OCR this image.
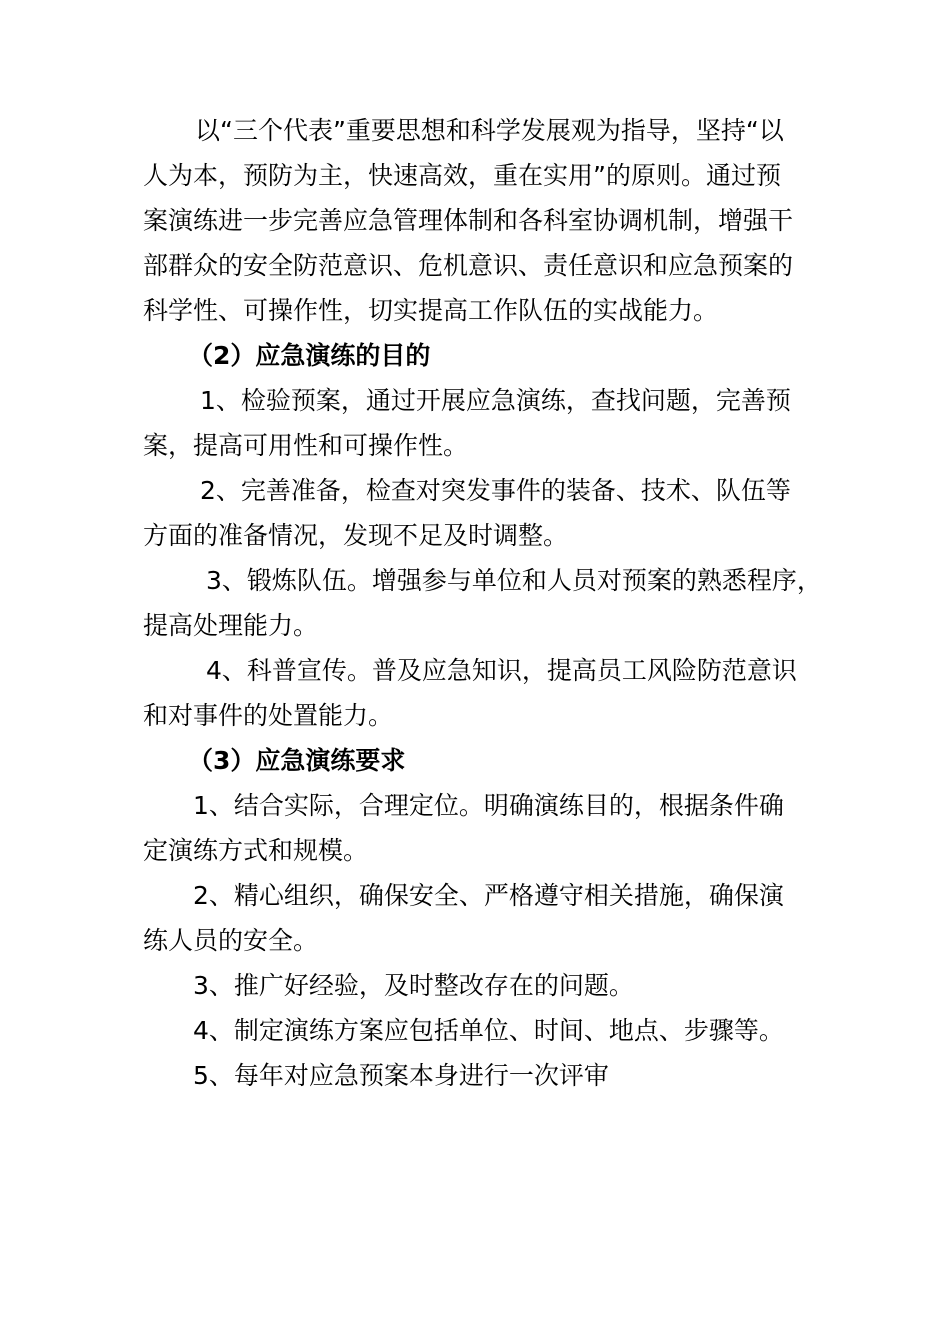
以“三个代表”重要思想和科学发展观为指导，坚持“以
人为本，预防为主，快速高效，重在实用”的原则。通过预
案演练进一步完善应急管理体制和各科室协调机制，增强干
部群众的安全防范意识、危机意识、责任意识和应急预案的
科学性、可操作性，切实提高工作队伍的实战能力。
（2）应急演练的目的
1、检验预案，通过开展应急演练，查找问题，完善预
案，提高可用性和可操作性。
2、完善准备，检查对突发事件的装备、技术、队伍等
方面的准备情况，发现不足及时调整。
3、锻炼队伍。增强参与单位和人员对预案的熟悉程序，
提高处理能力。
4、科普宣传。普及应急知识，提高员工风险防范意识
和对事件的处置能力。
（3）应急演练要求
1、结合实际，合理定位。明确演练目的，根据条件确
定演练方式和规模。
2、精心组织，确保安全、严格遵守相关措施，确保演
练人员的安全。
3、推广好经验，及时整改存在的问题。
4、制定演练方案应包括单位、时间、地点、步骤等。
5、每年对应急预案本身进行一次评审
